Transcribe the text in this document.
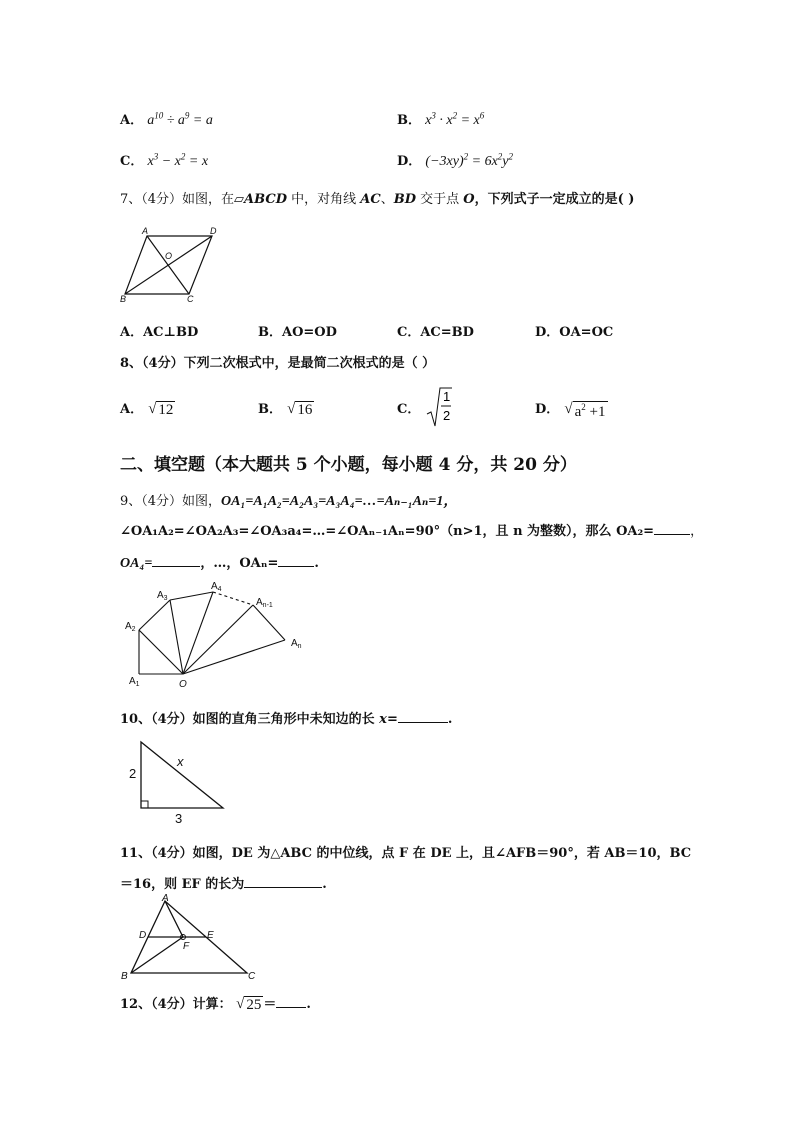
A． $a^{10} \div a^9 = a$	B． $x^3 \cdot x^2 = x^6$
C． $x^3 - x^2 = x$	D． $(-3xy)^2 = 6x^2y^2$
7、（4分）如图，在▱ABCD 中，对角线 AC、BD 交于点 O，下列式子一定成立的是( )
A	D
O
B	C
A．AC⊥BD	B．AO=OD	C．AC=BD	D．OA=OC
8、（4分）下列二次根式中，是最简二次根式的是（ ）
A． √ 12	B． √ 16	C．
1
2	D． √ $a^2 +1$
二、填空题（本大题共 5 个小题，每小题 4 分，共 20 分）
9、（4分）如图，OA₁=A₁A₂=A₂A₃=A₃A₄=…=Aₙ₋₁Aₙ=1，
∠OA₁A₂=∠OA₂A₃=∠OA₃a₄=…=∠OAₙ₋₁Aₙ=90°（n>1，且 n 为整数），那么 OA₂=	，
OA₄=	，…，OAₙ=	.
$A_1$
$A_2$
$A_3$
$A_4$
$A_{n-1}$
$A_n$
O
10、（4分）如图的直角三角形中未知边的长 x=	.
2
3
x
11、（4分）如图，DE 为△ABC 的中位线，点 F 在 DE 上，且∠AFB＝90°，若 AB＝10，BC
＝16，则 EF 的长为	.
A
D	E
F
B	C
12、（4分）计算： √ 25 ＝ .
